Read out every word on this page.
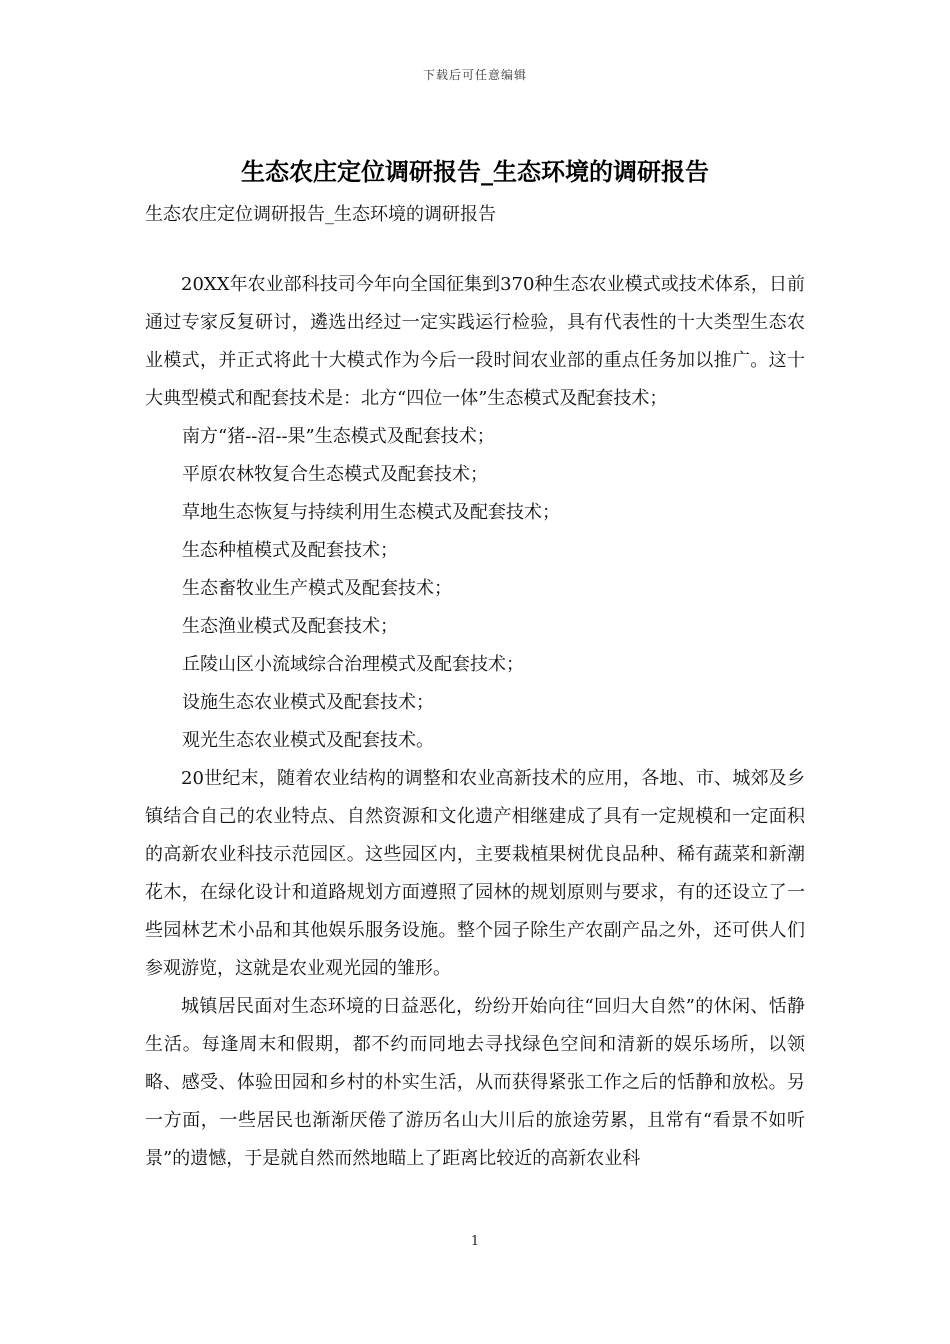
下载后可任意编辑
生态农庄定位调研报告_生态环境的调研报告

生态农庄定位调研报告_生态环境的调研报告

20XX年农业部科技司今年向全国征集到370种生态农业模式或技术体系，日前通过专家反复研讨，遴选出经过一定实践运行检验，具有代表性的十大类型生态农业模式，并正式将此十大模式作为今后一段时间农业部的重点任务加以推广。这十大典型模式和配套技术是：北方“四位一体”生态模式及配套技术；

南方“猪--沼--果”生态模式及配套技术；

平原农林牧复合生态模式及配套技术；

草地生态恢复与持续利用生态模式及配套技术；

生态种植模式及配套技术；

生态畜牧业生产模式及配套技术；

生态渔业模式及配套技术；

丘陵山区小流域综合治理模式及配套技术；

设施生态农业模式及配套技术；

观光生态农业模式及配套技术。

20世纪末，随着农业结构的调整和农业高新技术的应用，各地、市、城郊及乡镇结合自己的农业特点、自然资源和文化遗产相继建成了具有一定规模和一定面积的高新农业科技示范园区。这些园区内，主要栽植果树优良品种、稀有蔬菜和新潮花木，在绿化设计和道路规划方面遵照了园林的规划原则与要求，有的还设立了一些园林艺术小品和其他娱乐服务设施。整个园子除生产农副产品之外，还可供人们参观游览，这就是农业观光园的雏形。

城镇居民面对生态环境的日益恶化，纷纷开始向往“回归大自然”的休闲、恬静生活。每逢周末和假期，都不约而同地去寻找绿色空间和清新的娱乐场所，以领略、感受、体验田园和乡村的朴实生活，从而获得紧张工作之后的恬静和放松。另一方面，一些居民也渐渐厌倦了游历名山大川后的旅途劳累，且常有“看景不如听景”的遗憾，于是就自然而然地瞄上了距离比较近的高新农业科

1
